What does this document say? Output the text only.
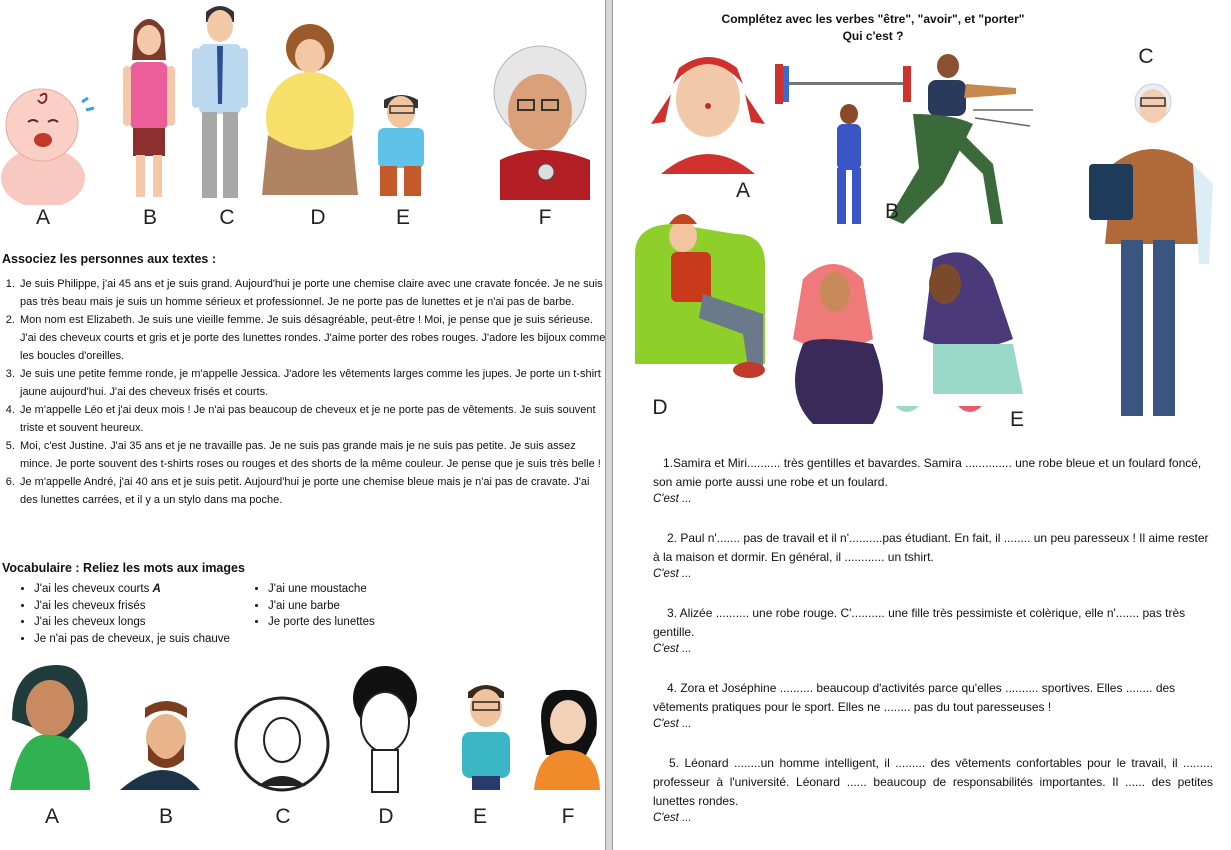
A	B	C	D	E	F
Associez les personnes aux textes :
1. Je suis Philippe, j'ai 45 ans et je suis grand. Aujourd'hui je porte une chemise claire avec une cravate foncée. Je ne suis pas très beau mais je suis un homme sérieux et professionnel. Je ne porte pas de lunettes et je n'ai pas de barbe.
2. Mon nom est Elizabeth. Je suis une vieille femme. Je suis désagréable, peut-être ! Moi, je pense que je suis sérieuse. J'ai des cheveux courts et gris et je porte des lunettes rondes. J'aime porter des robes rouges. J'adore les bijoux comme les boucles d'oreilles.
3. Je suis une petite femme ronde, je m'appelle Jessica. J'adore les vêtements larges comme les jupes. Je porte un t-shirt jaune aujourd'hui. J'ai des cheveux frisés et courts.
4. Je m'appelle Léo et j'ai deux mois ! Je n'ai pas beaucoup de cheveux et je ne porte pas de vêtements. Je suis souvent triste et souvent heureux.
5. Moi, c'est Justine. J'ai 35 ans et je ne travaille pas. Je ne suis pas grande mais je ne suis pas petite. Je suis assez mince. Je porte souvent des t-shirts roses ou rouges et des shorts de la même couleur. Je pense que je suis très belle !
6. Je m'appelle André, j'ai 40 ans et je suis petit. Aujourd'hui je porte une chemise bleue mais je n'ai pas de cravate. J'ai des lunettes carrées, et il y a un stylo dans ma poche.
Vocabulaire : Reliez les mots aux images
• J'ai les cheveux courts A
• J'ai les cheveux frisés
• J'ai les cheveux longs
• Je n'ai pas de cheveux, je suis chauve
• J'ai une moustache
• J'ai une barbe
• Je porte des lunettes
A	B	C	D	E	F
Complétez avec les verbes "être", "avoir", et "porter"
Qui c'est ?
A
B
C
D
E
1.Samira et Miri.......... très gentilles et bavardes. Samira .............. une robe bleue et un foulard foncé, son amie porte aussi une robe et un foulard.
C'est ...
2. Paul n'....... pas de travail et il n'..........pas étudiant. En fait, il ........ un peu paresseux ! Il aime rester à la maison et dormir. En général, il ............ un tshirt.
C'est ...
3. Alizée .......... une robe rouge. C'.......... une fille très pessimiste et colèrique, elle n'....... pas très gentille.
C'est ...
4. Zora et Joséphine .......... beaucoup d'activités parce qu'elles .......... sportives. Elles ........ des vêtements pratiques pour le sport. Elles ne ........ pas du tout paresseuses !
C'est ...
5. Léonard ........un homme intelligent, il ......... des vêtements confortables pour le travail, il ......... professeur à l'université. Léonard ...... beaucoup de responsabilités importantes. Il ...... des petites lunettes rondes.
C'est ...
